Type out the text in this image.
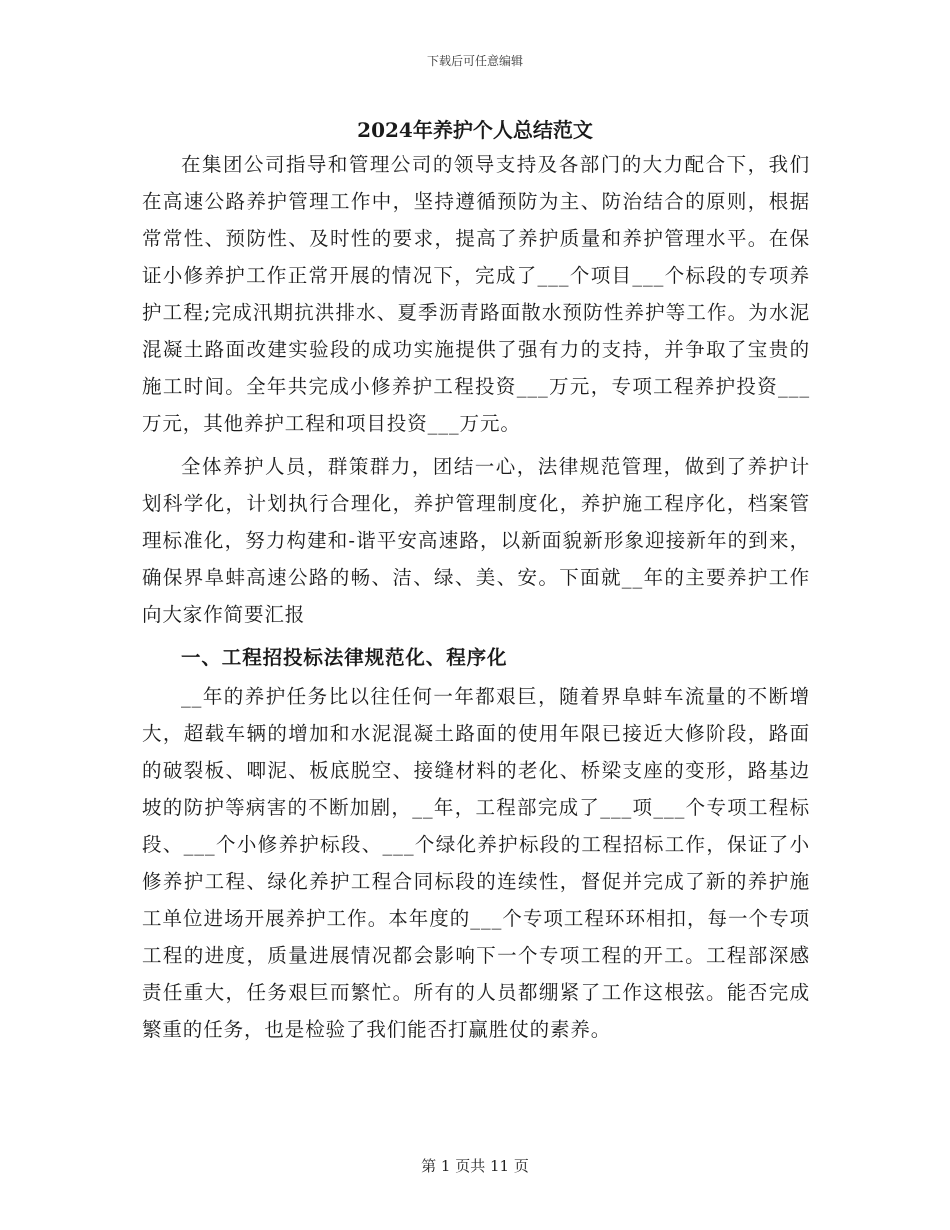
下载后可任意编辑
2024年养护个人总结范文

在集团公司指导和管理公司的领导支持及各部门的大力配合下，我们在高速公路养护管理工作中，坚持遵循预防为主、防治结合的原则，根据常常性、预防性、及时性的要求，提高了养护质量和养护管理水平。在保证小修养护工作正常开展的情况下，完成了___个项目___个标段的专项养护工程;完成汛期抗洪排水、夏季沥青路面散水预防性养护等工作。为水泥混凝土路面改建实验段的成功实施提供了强有力的支持，并争取了宝贵的施工时间。全年共完成小修养护工程投资___万元，专项工程养护投资___万元，其他养护工程和项目投资___万元。

全体养护人员，群策群力，团结一心，法律规范管理，做到了养护计划科学化，计划执行合理化，养护管理制度化，养护施工程序化，档案管理标准化，努力构建和-谐平安高速路，以新面貌新形象迎接新年的到来，确保界阜蚌高速公路的畅、洁、绿、美、安。下面就__年的主要养护工作向大家作简要汇报

一、工程招投标法律规范化、程序化

__年的养护任务比以往任何一年都艰巨，随着界阜蚌车流量的不断增大，超载车辆的增加和水泥混凝土路面的使用年限已接近大修阶段，路面的破裂板、唧泥、板底脱空、接缝材料的老化、桥梁支座的变形，路基边坡的防护等病害的不断加剧，__年，工程部完成了___项___个专项工程标段、___个小修养护标段、___个绿化养护标段的工程招标工作，保证了小修养护工程、绿化养护工程合同标段的连续性，督促并完成了新的养护施工单位进场开展养护工作。本年度的___个专项工程环环相扣，每一个专项工程的进度，质量进展情况都会影响下一个专项工程的开工。工程部深感责任重大，任务艰巨而繁忙。所有的人员都绷紧了工作这根弦。能否完成繁重的任务，也是检验了我们能否打赢胜仗的素养。

第 1 页共 11 页
